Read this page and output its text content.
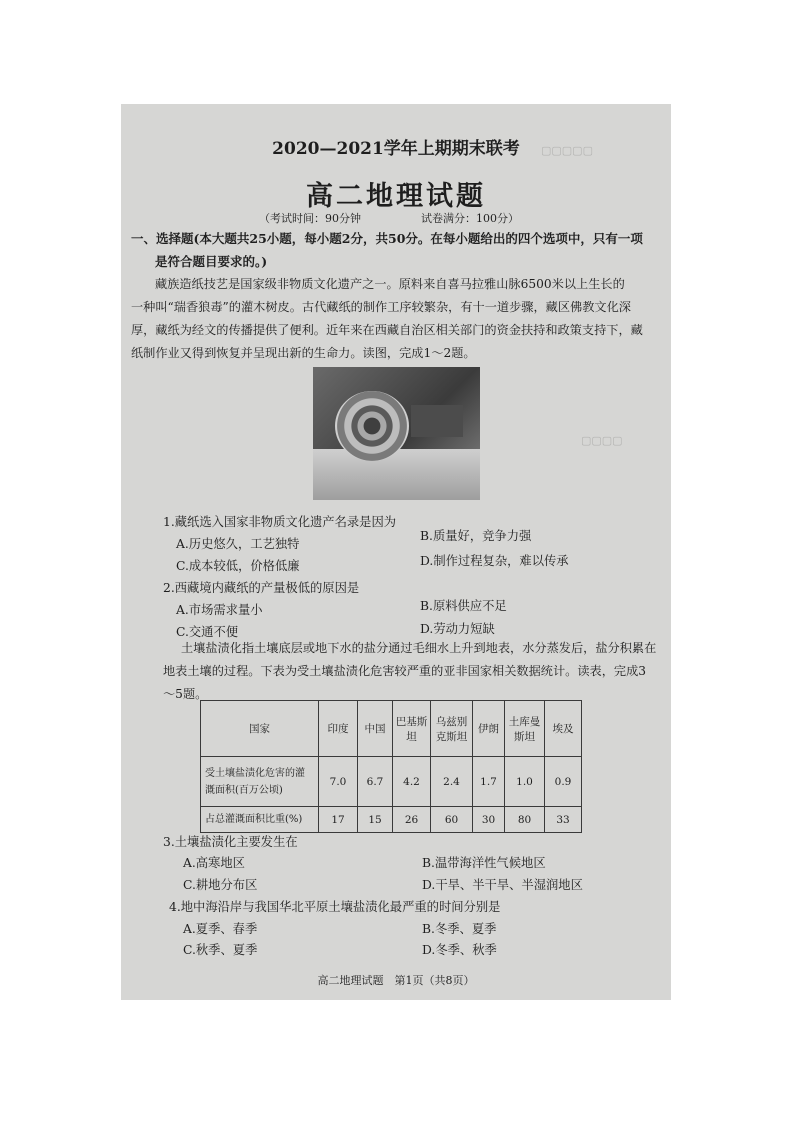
▢▢▢▢▢
▢▢▢▢
2020—2021学年上期期末联考
高二地理试题
（考试时间：90分钟	试卷满分：100分）
一、选择题(本大题共25小题，每小题2分，共50分。在每小题给出的四个选项中，只有一项
是符合题目要求的。)
藏族造纸技艺是国家级非物质文化遗产之一。原料来自喜马拉雅山脉6500米以上生长的
一种叫“瑞香狼毒”的灌木树皮。古代藏纸的制作工序较繁杂，有十一道步骤，藏区佛教文化深
厚，藏纸为经文的传播提供了便利。近年来在西藏自治区相关部门的资金扶持和政策支持下，藏
纸制作业又得到恢复并呈现出新的生命力。读图，完成1～2题。
1.藏纸选入国家非物质文化遗产名录是因为
A.历史悠久，工艺独特
B.质量好，竞争力强
C.成本较低，价格低廉	D.制作过程复杂，难以传承
2.西藏境内藏纸的产量极低的原因是
A.市场需求量小	B.原料供应不足
C.交通不便	D.劳动力短缺
土壤盐渍化指土壤底层或地下水的盐分通过毛细水上升到地表，水分蒸发后，盐分积累在
地表土壤的过程。下表为受土壤盐渍化危害较严重的亚非国家相关数据统计。读表，完成3
～5题。
国家	印度	中国	巴基斯坦	乌兹别克斯坦	伊朗	土库曼斯坦	埃及
受土壤盐渍化危害的灌溉面积(百万公顷)	7.0	6.7	4.2	2.4	1.7	1.0	0.9
占总灌溉面积比重(%)	17	15	26	60	30	80	33
3.土壤盐渍化主要发生在
A.高寒地区	B.温带海洋性气候地区
C.耕地分布区	D.干旱、半干旱、半湿润地区
4.地中海沿岸与我国华北平原土壤盐渍化最严重的时间分别是
A.夏季、春季	B.冬季、夏季
C.秋季、夏季	D.冬季、秋季
高二地理试题　第1页（共8页）
